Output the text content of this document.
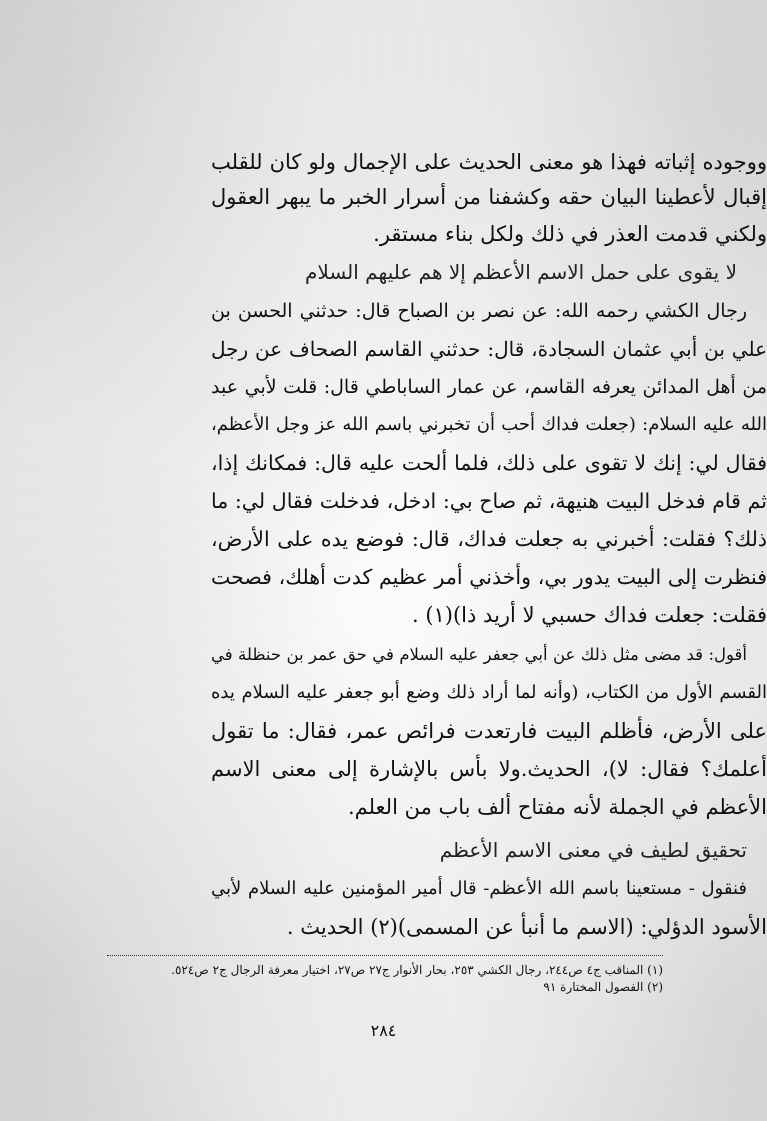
ووجوده إثباته فهذا هو معنى الحديث على الإجمال ولو كان للقلب
إقبال لأعطينا البيان حقه وكشفنا من أسرار الخبر ما يبهر العقول
ولكني قدمت العذر في ذلك ولكل بناء مستقر.
لا يقوى على حمل الاسم الأعظم إلا هم عليهم السلام
رجال الكشي رحمه الله: عن نصر بن الصباح قال: حدثني الحسن بن
علي بن أبي عثمان السجادة، قال: حدثني القاسم الصحاف عن رجل
من أهل المدائن يعرفه القاسم، عن عمار الساباطي قال: قلت لأبي عبد
الله عليه السلام: (جعلت فداك أحب أن تخبرني باسم الله عز وجل الأعظم،
فقال لي: إنك لا تقوى على ذلك، فلما ألحت عليه قال: فمكانك إذا،
ثم قام فدخل البيت هنيهة، ثم صاح بي: ادخل، فدخلت فقال لي: ما
ذلك؟ فقلت: أخبرني به جعلت فداك، قال: فوضع يده على الأرض،
فنظرت إلى البيت يدور بي، وأخذني أمر عظيم كدت أهلك، فصحت
فقلت: جعلت فداك حسبي لا أريد ذا)(١) .
أقول: قد مضى مثل ذلك عن أبي جعفر عليه السلام في حق عمر بن حنظلة في
القسم الأول من الكتاب، (وأنه لما أراد ذلك وضع أبو جعفر عليه السلام يده
على الأرض، فأظلم البيت فارتعدت فرائص عمر، فقال: ما تقول
أعلمك؟ فقال: لا)، الحديث.ولا بأس بالإشارة إلى معنى الاسم
الأعظم في الجملة لأنه مفتاح ألف باب من العلم.
تحقيق لطيف في معنى الاسم الأعظم
فنقول - مستعينا باسم الله الأعظم- قال أمير المؤمنين عليه السلام لأبي
الأسود الدؤلي: (الاسم ما أنبأ عن المسمى)(٢) الحديث .
(١) المناقب ج٤ ص٢٤٤، رجال الكشي ٢٥٣، بحار الأنوار ج٢٧ ص٢٧، اختيار معرفة الرجال ج٢ ص٥٢٤.
(٢) الفصول المختارة ٩١
٢٨٤
